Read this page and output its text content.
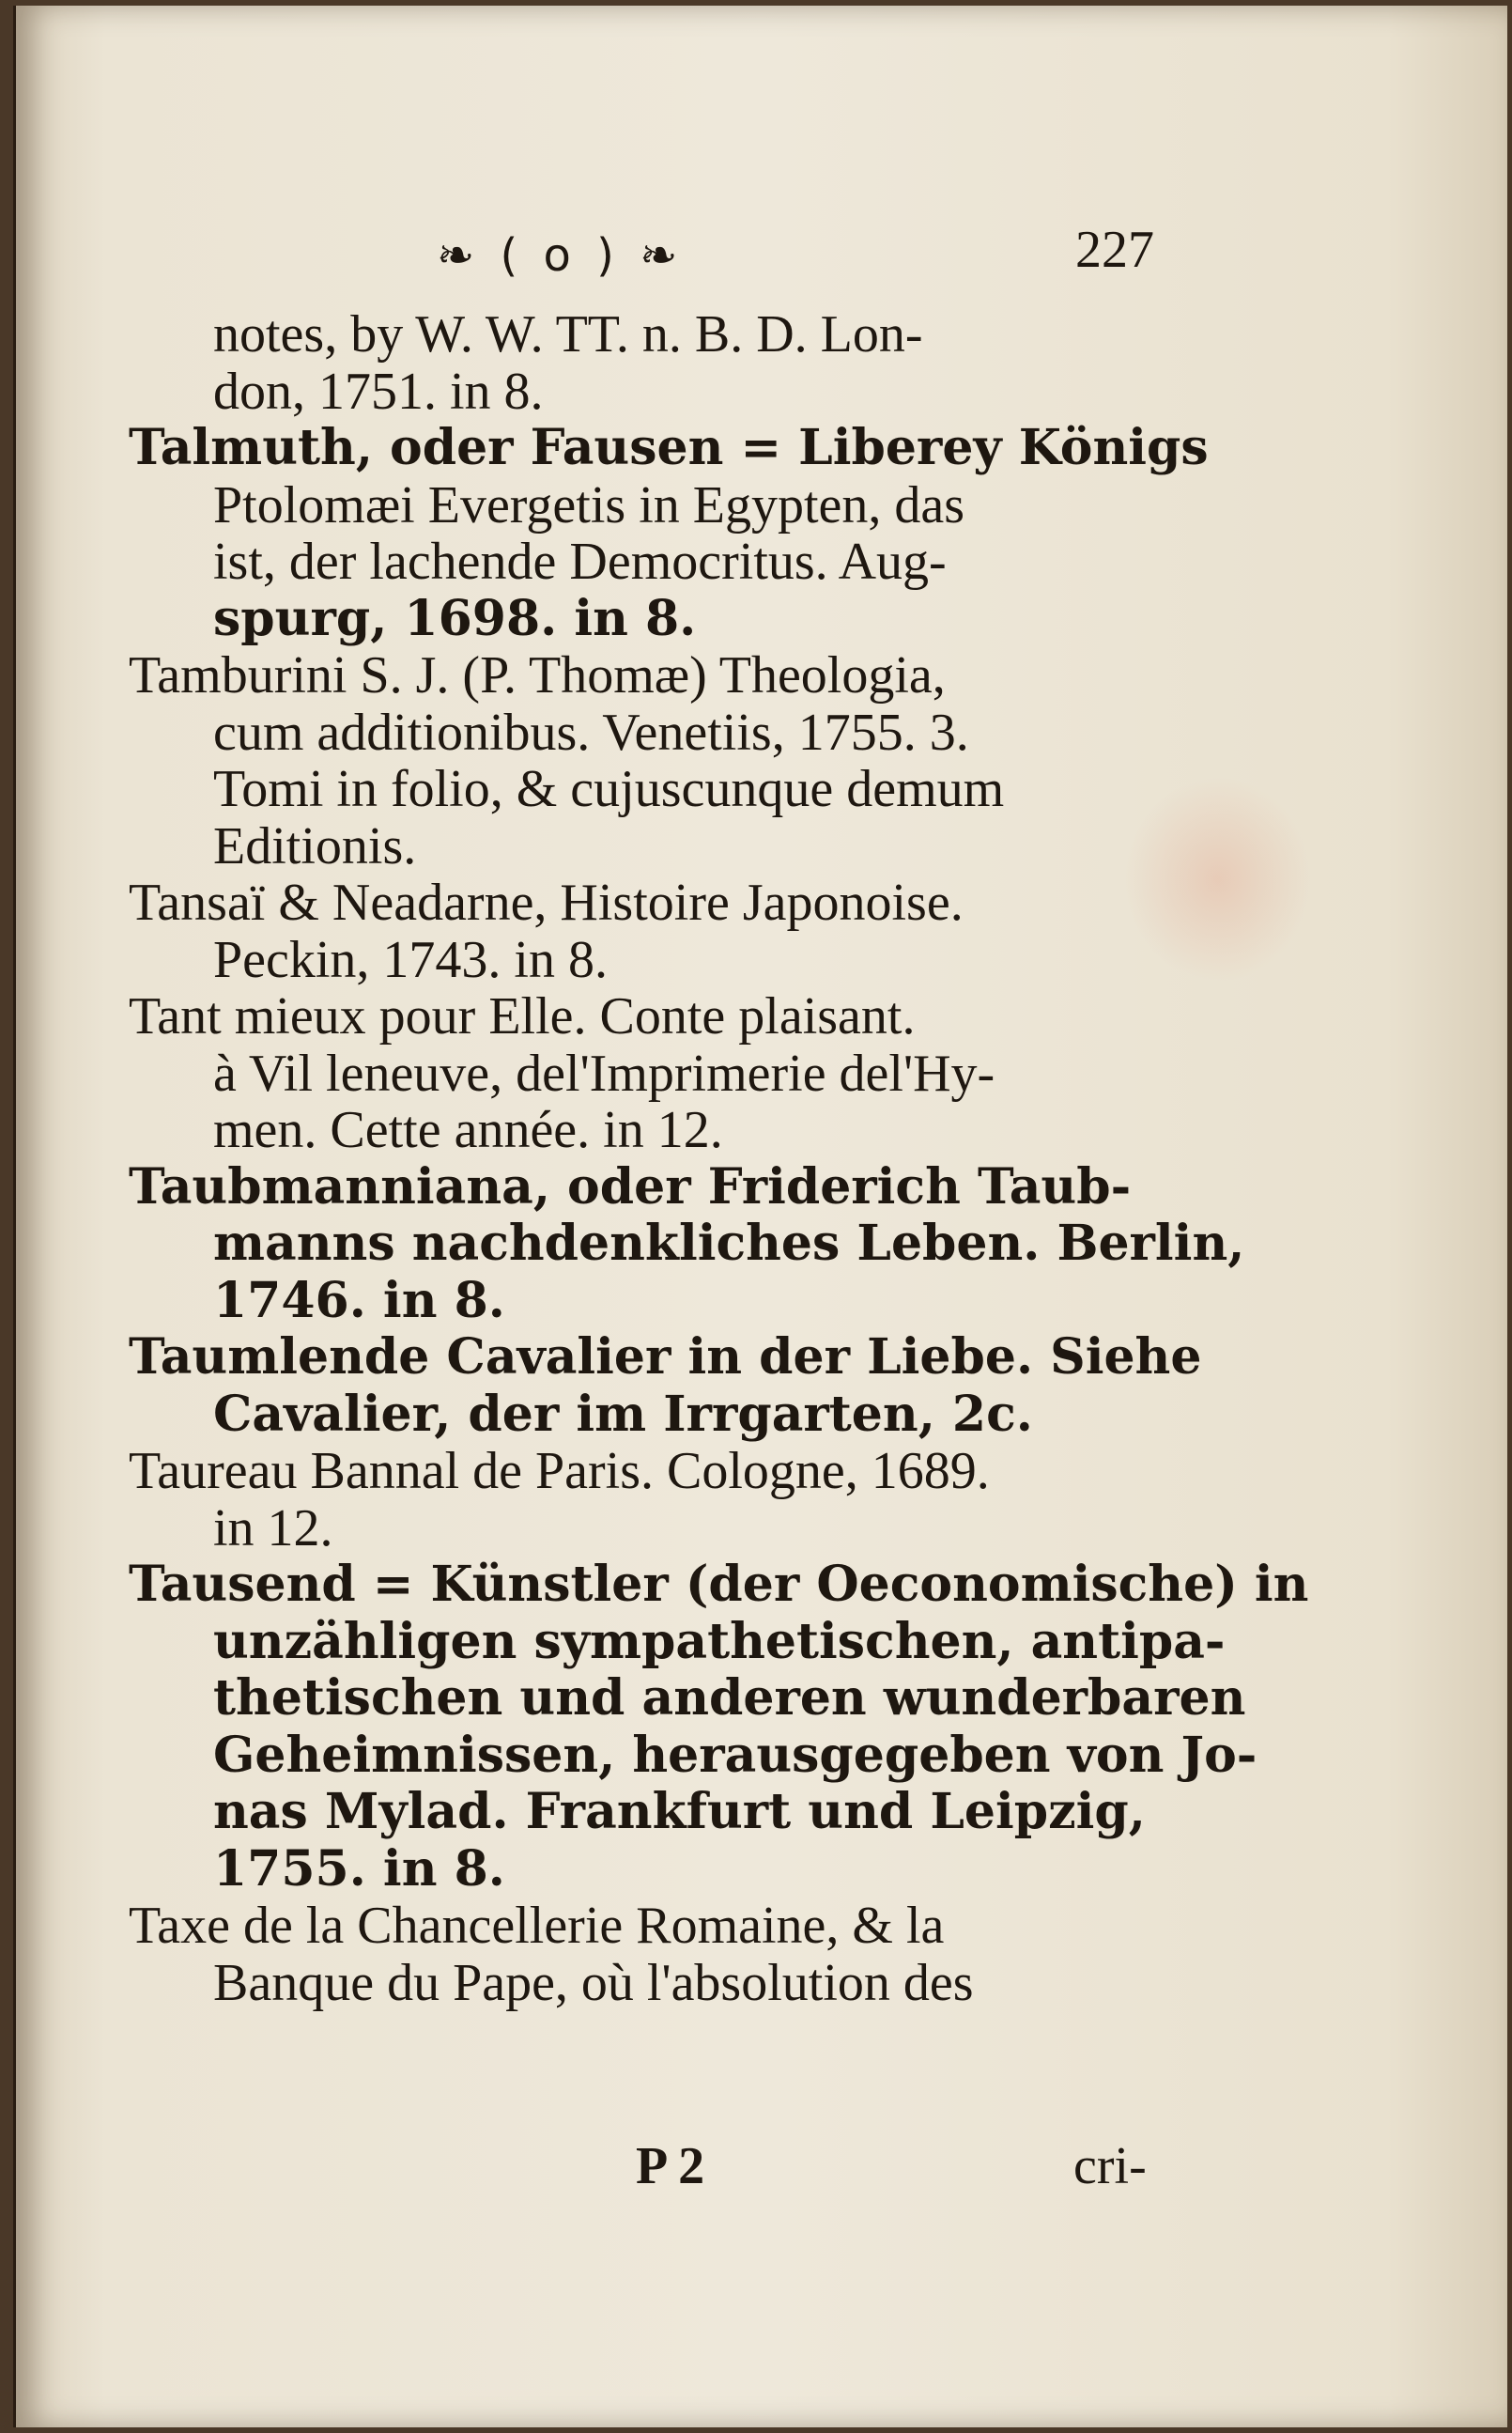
❧ ( o ) ❧	227
notes, by W. W. TT. n. B. D. Lon-
don, 1751. in 8.
Talmuth, oder Fausen = Liberey Königs
Ptolomæi Evergetis in Egypten, das
ist, der lachende Democritus. Aug-
spurg, 1698. in 8.
Tamburini S. J. (P. Thomæ) Theologia,
cum additionibus. Venetiis, 1755. 3.
Tomi in folio, & cujuscunque demum
Editionis.
Tansaï & Neadarne, Histoire Japonoise.
Peckin, 1743. in 8.
Tant mieux pour Elle. Conte plaisant.
à Vil leneuve, del'Imprimerie del'Hy-
men. Cette année. in 12.
Taubmanniana, oder Friderich Taub-
manns nachdenkliches Leben. Berlin,
1746. in 8.
Taumlende Cavalier in der Liebe. Siehe
Cavalier, der im Irrgarten, 2c.
Taureau Bannal de Paris. Cologne, 1689.
in 12.
Tausend = Künstler (der Oeconomische) in
unzähligen sympathetischen, antipa-
thetischen und anderen wunderbaren
Geheimnissen, herausgegeben von Jo-
nas Mylad. Frankfurt und Leipzig,
1755. in 8.
Taxe de la Chancellerie Romaine, & la
Banque du Pape, où l'absolution des
P 2	cri-
